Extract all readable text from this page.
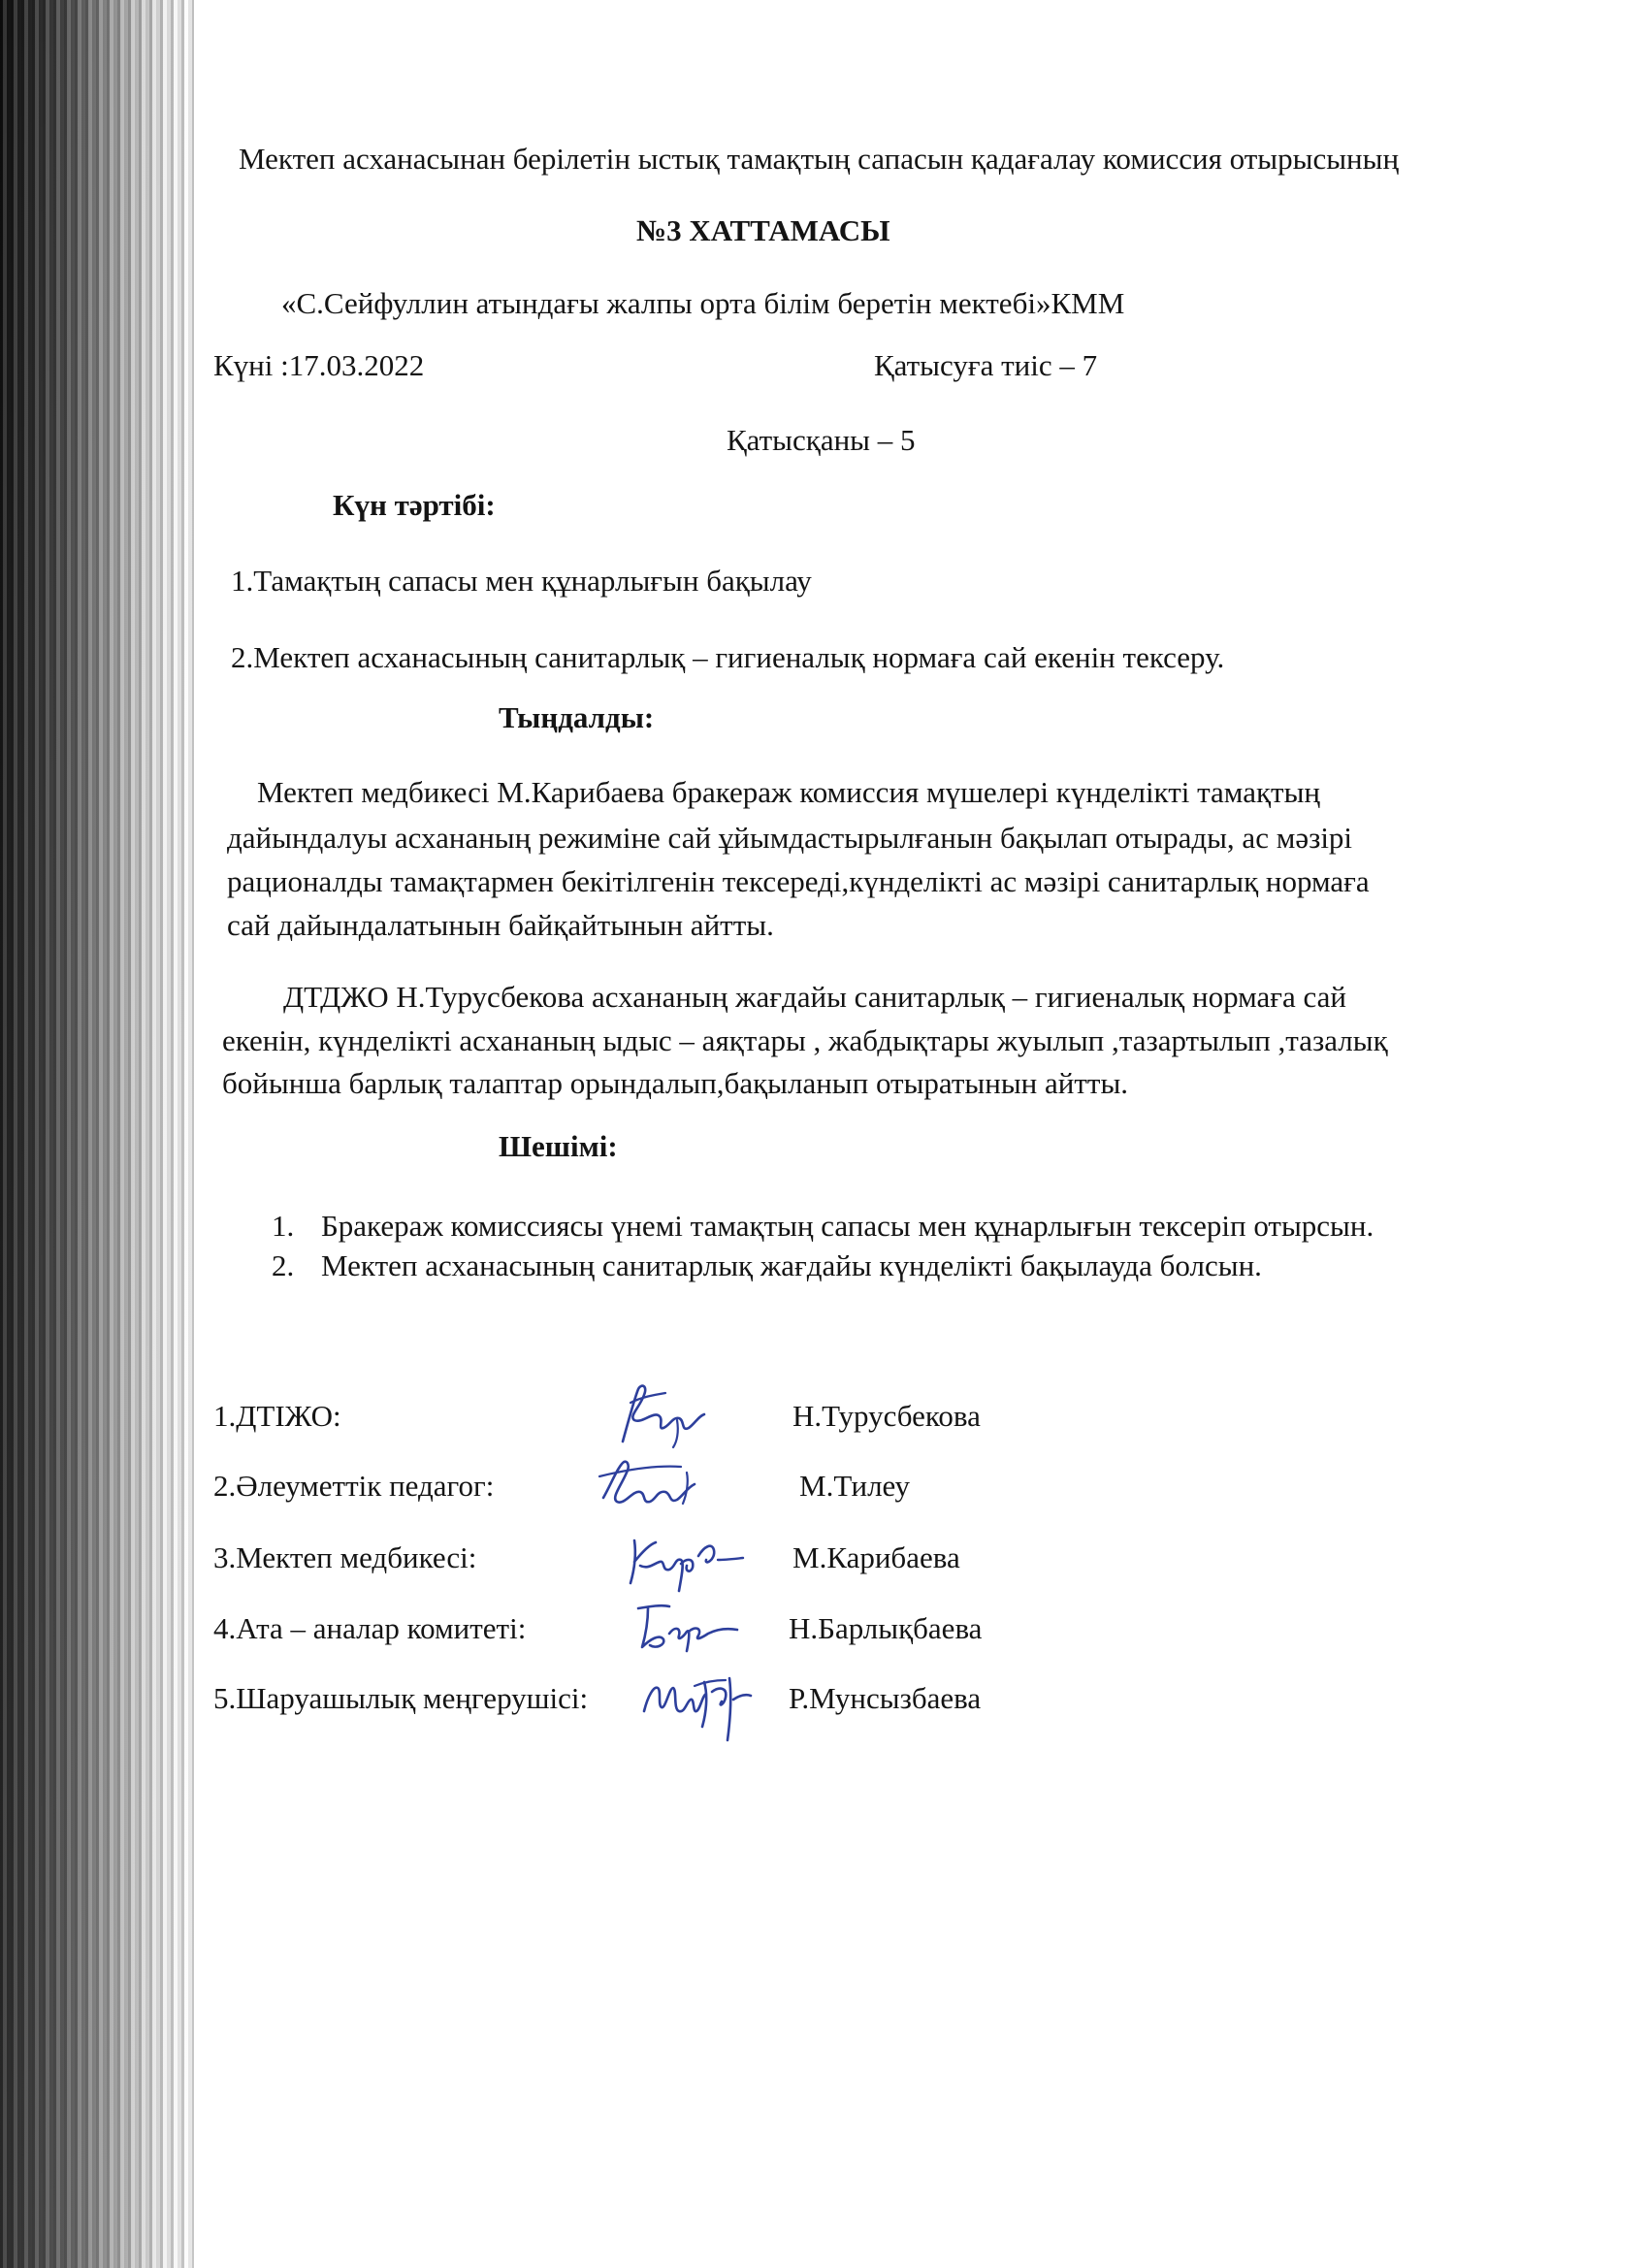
Мектеп асханасынан берілетін ыстық тамақтың сапасын қадағалау комиссия отырысының
№3 ХАТТАМАСЫ
«С.Сейфуллин атындағы жалпы орта білім беретін мектебі»КММ
Күні :17.03.2022	Қатысуға тиіс – 7
Қатысқаны – 5
Күн тәртібі:
1.Тамақтың сапасы мен құнарлығын бақылау
2.Мектеп асханасының санитарлық – гигиеналық нормаға сай екенін тексеру.
Тыңдалды:
Мектеп медбикесі М.Карибаева бракераж комиссия мүшелері күнделікті тамақтың
дайындалуы асхананың режиміне сай ұйымдастырылғанын бақылап отырады, ас мәзірі
рационалды тамақтармен бекітілгенін тексереді,күнделікті ас мәзірі санитарлық нормаға
сай дайындалатынын байқайтынын айтты.
ДТДЖО Н.Турусбекова асхананың жағдайы санитарлық – гигиеналық нормаға сай
екенін, күнделікті асхананың ыдыс – аяқтары , жабдықтары жуылып ,тазартылып ,тазалық
бойынша барлық талаптар орындалып,бақыланып отыратынын айтты.
Шешімі:
1. Бракераж комиссиясы үнемі тамақтың сапасы мен құнарлығын тексеріп отырсын.
2. Мектеп асханасының санитарлық жағдайы күнделікті бақылауда болсын.
1.ДТІЖО:	Н.Турусбекова
2.Әлеуметтік педагог:	М.Тилеу
3.Мектеп медбикесі:	М.Карибаева
4.Ата – аналар комитеті:	Н.Барлықбаева
5.Шаруашылық меңгерушісі:	Р.Мунсызбаева
